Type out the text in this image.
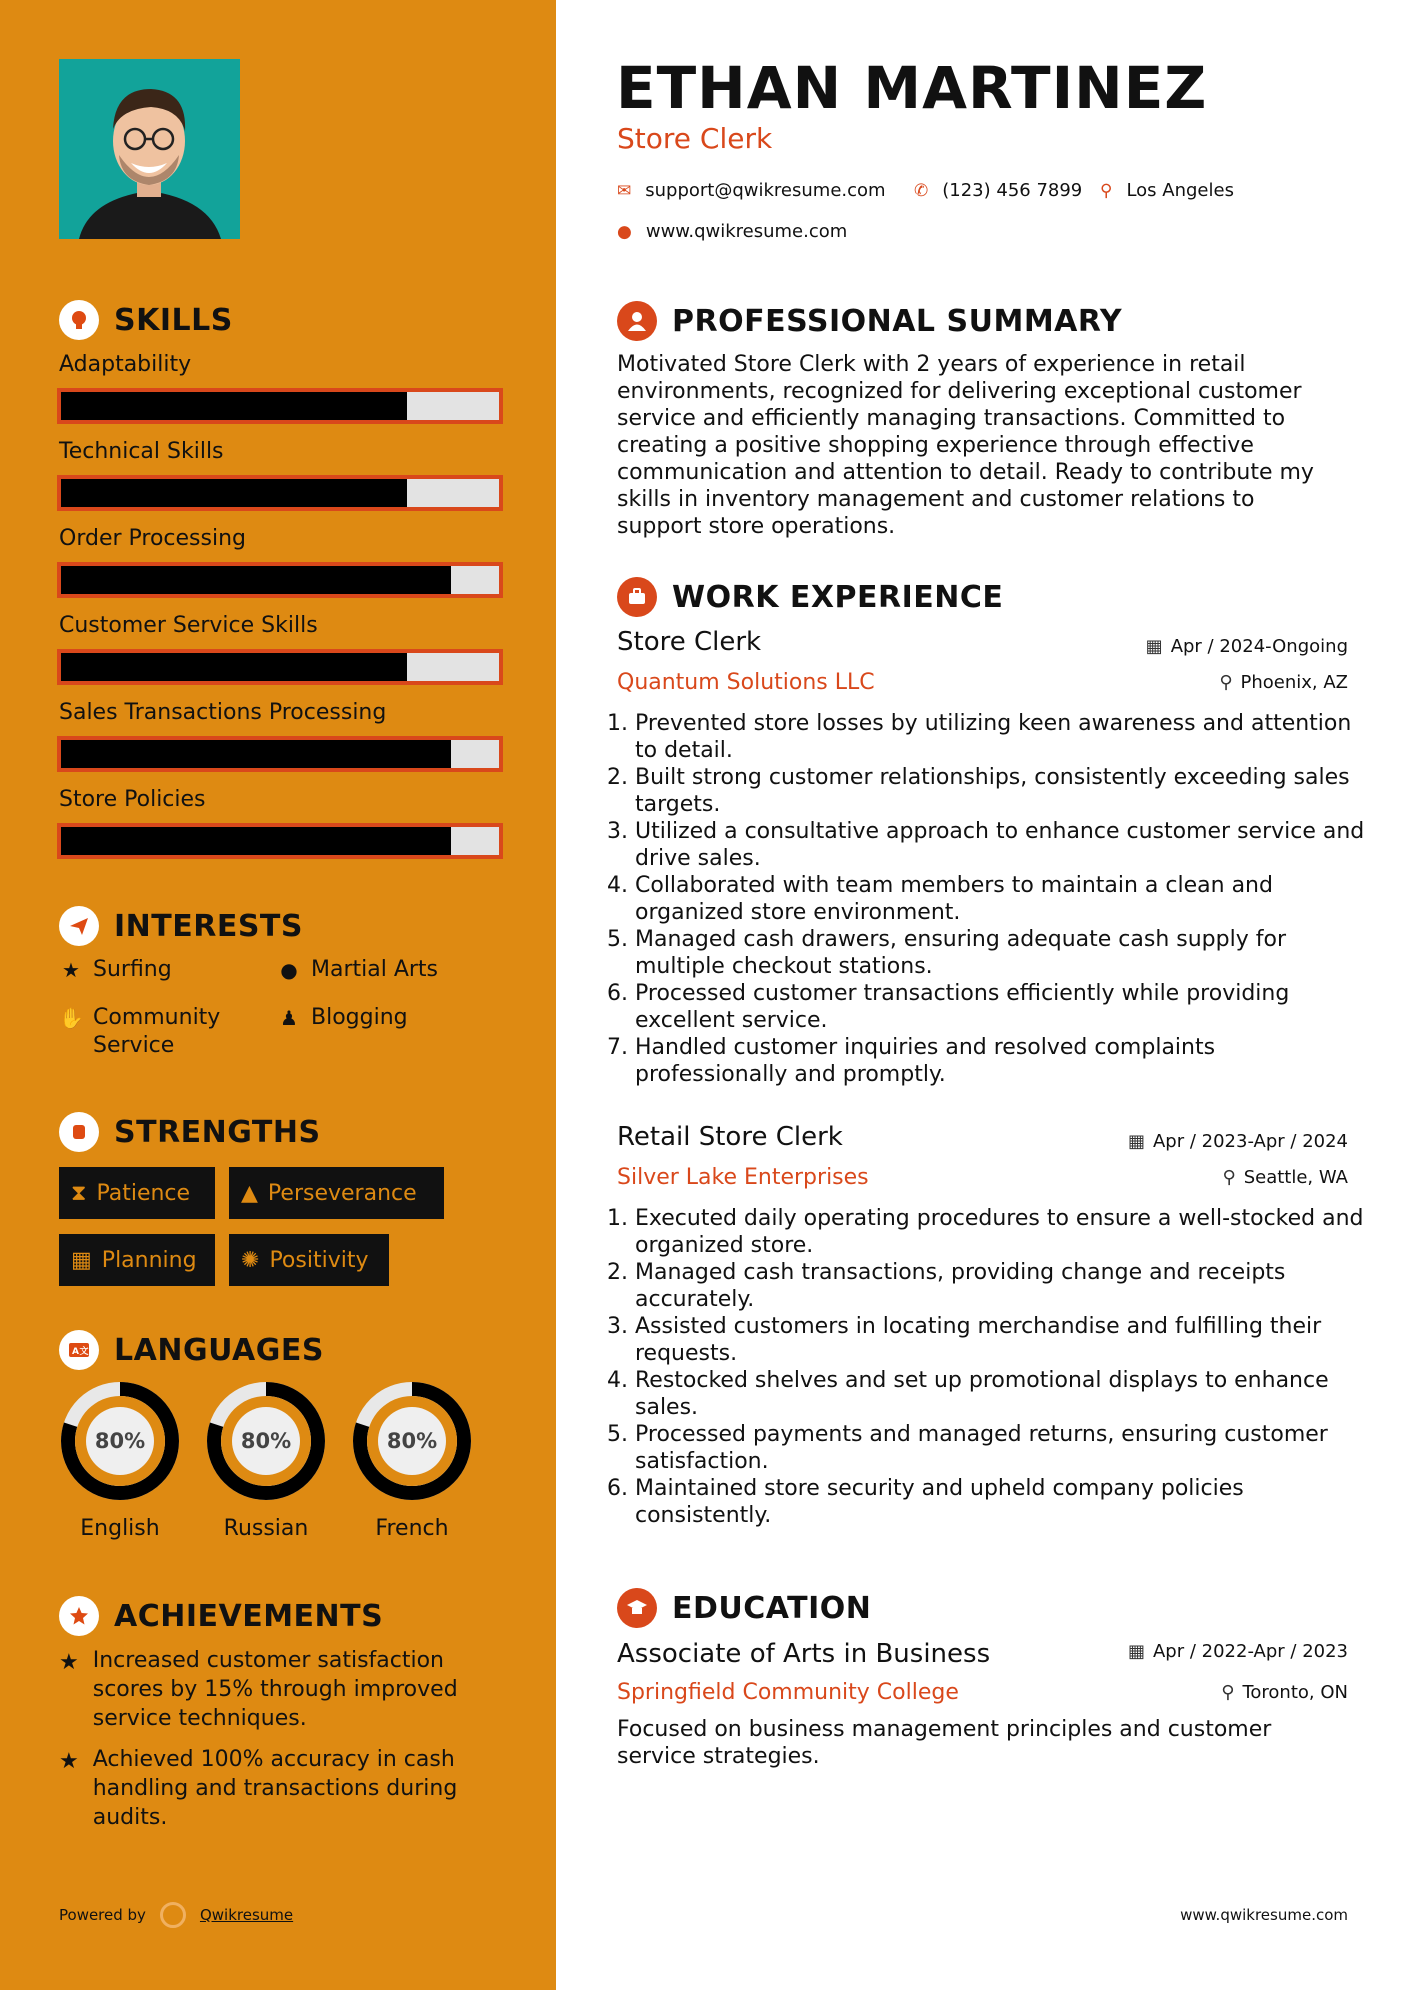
SKILLS
Adaptability
Technical Skills
Order Processing
Customer Service Skills
Sales Transactions Processing
Store Policies
INTERESTS
★ Surfing	● Martial Arts
✋ Community Service
♟ Blogging
STRENGTHS
⧗ Patience ▲ Perseverance
▦ Planning ✺ Positivity
A文 LANGUAGES
80%
English
80%
Russian
80%
French
ACHIEVEMENTS
★ Increased customer satisfaction scores by 15% through improved service techniques.
★ Achieved 100% accuracy in cash handling and transactions during audits.
Powered by	Qwikresume
ETHAN MARTINEZ
Store Clerk
✉ support@qwikresume.com ✆ (123) 456 7899 ⚲ Los Angeles
● www.qwikresume.com
PROFESSIONAL SUMMARY
Motivated Store Clerk with 2 years of experience in retail environments, recognized for delivering exceptional customer service and efficiently managing transactions. Committed to creating a positive shopping experience through effective communication and attention to detail. Ready to contribute my skills in inventory management and customer relations to support store operations.
WORK EXPERIENCE
Store Clerk	▦ Apr / 2024-Ongoing
Quantum Solutions LLC	⚲ Phoenix, AZ
1. Prevented store losses by utilizing keen awareness and attention to detail.
2. Built strong customer relationships, consistently exceeding sales targets.
3. Utilized a consultative approach to enhance customer service and drive sales.
4. Collaborated with team members to maintain a clean and organized store environment.
5. Managed cash drawers, ensuring adequate cash supply for multiple checkout stations.
6. Processed customer transactions efficiently while providing excellent service.
7. Handled customer inquiries and resolved complaints professionally and promptly.
Retail Store Clerk	▦ Apr / 2023-Apr / 2024
Silver Lake Enterprises	⚲ Seattle, WA
1. Executed daily operating procedures to ensure a well-stocked and organized store.
2. Managed cash transactions, providing change and receipts accurately.
3. Assisted customers in locating merchandise and fulfilling their requests.
4. Restocked shelves and set up promotional displays to enhance sales.
5. Processed payments and managed returns, ensuring customer satisfaction.
6. Maintained store security and upheld company policies consistently.
EDUCATION
Associate of Arts in Business	▦ Apr / 2022-Apr / 2023
Springfield Community College	⚲ Toronto, ON
Focused on business management principles and customer service strategies.
www.qwikresume.com
